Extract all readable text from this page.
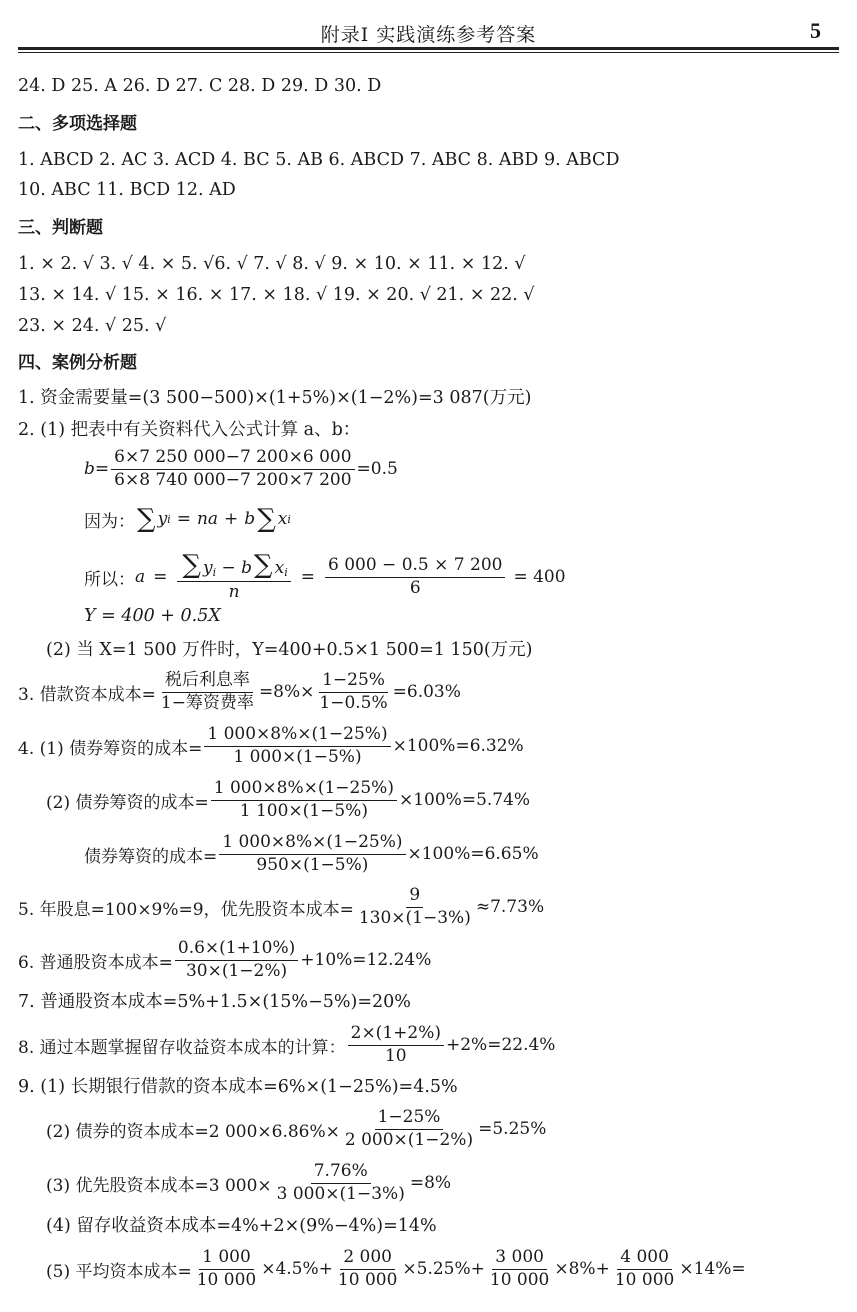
附录Ⅰ 实践演练参考答案	5
24. D 25. A 26. D 27. C 28. D 29. D 30. D
二、多项选择题
1. ABCD 2. AC 3. ACD 4. BC 5. AB 6. ABCD 7. ABC 8. ABD 9. ABCD
10. ABC 11. BCD 12. AD
三、判断题
1. × 2. √ 3. √ 4. × 5. √6. √ 7. √ 8. √ 9. × 10. × 11. × 12. √
13. × 14. √ 15. × 16. × 17. × 18. √ 19. × 20. √ 21. × 22. √
23. × 24. √ 25. √
四、案例分析题
1. 资金需要量=(3 500−500)×(1+5%)×(1−2%)=3 087(万元)
2. (1) 把表中有关资料代入公式计算 a、b：
$b= \frac{6\times 7 250 000-7 200\times 6 000}{6\times 8 740 000-7 200\times 7 200} =0.5$
因为： ∑ y i = na + b ∑ x i
所以： $a = \frac{\sum y_i - b\sum x_i}{n} = \frac{6 000 - 0.5 \times 7 200}{6} = 400$
Y = 400 + 0.5X
(2) 当 X=1 500 万件时，Y=400+0.5×1 500=1 150(万元)
3. 借款资本成本= $\frac{\text{税后利息率}}{\text{1−筹资费率}} =8\%\times \frac{1-25\%}{1-0.5\%} =6.03\%$
4. (1) 债券筹资的成本= $\frac{1 000\times 8\%\times(1-25\%)}{1 000\times(1-5\%)} \times 100\%=6.32\%$
(2) 债券筹资的成本= $\frac{1 000\times 8\%\times(1-25\%)}{1 100\times(1-5\%)} \times 100\%=5.74\%$
债券筹资的成本= $\frac{1 000\times 8\%\times(1-25\%)}{950\times(1-5\%)} \times 100\%=6.65\%$
5. 年股息=100×9%=9，优先股资本成本= $\frac{9}{130\times(1-3\%)} \approx 7.73\%$
6. 普通股资本成本= $\frac{0.6\times(1+10\%)}{30\times(1-2\%)} +10\%=12.24\%$
7. 普通股资本成本=5%+1.5×(15%−5%)=20%
8. 通过本题掌握留存收益资本成本的计算： $\frac{2\times(1+2\%)}{10} +2\%=22.4\%$
9. (1) 长期银行借款的资本成本=6%×(1−25%)=4.5%
(2) 债券的资本成本=2 $000\times 6.86\%\times \frac{1-25\%}{2 000\times(1-2\%)} =5.25\%$
(3) 优先股资本成本=3 $000\times \frac{7.76\%}{3 000\times(1-3\%)} =8\%$
(4) 留存收益资本成本=4%+2×(9%−4%)=14%
(5) 平均资本成本= $\frac{1 000}{10 000} \times 4.5\%+ \frac{2 000}{10 000} \times 5.25\%+ \frac{3 000}{10 000} \times 8\%+ \frac{4 000}{10 000} \times 14\%=$
